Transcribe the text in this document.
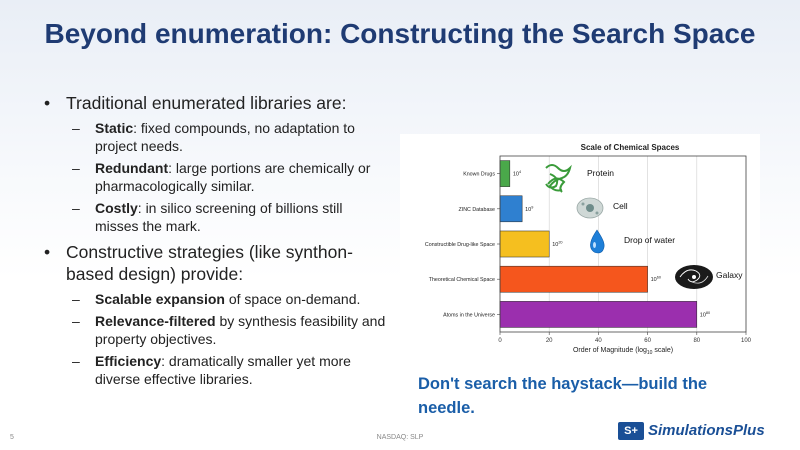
Beyond enumeration: Constructing the Search Space
• Traditional enumerated libraries are:
– Static: fixed compounds, no adaptation to project needs.
– Redundant: large portions are chemically or pharmacologically similar.
– Costly: in silico screening of billions still misses the mark.
• Constructive strategies (like synthon-based design) provide:
– Scalable expansion of space on-demand.
– Relevance-filtered by synthesis feasibility and property objectives.
– Efficiency: dramatically smaller yet more diverse effective libraries.
Scale of Chemical Spaces
Protein
Cell
Drop of water
Galaxy
0	20	40	60	80	100
Known Drugs	$10^4$
ZINC Database	$10^9$
Constructible Drug-like Space	$10^{20}$
Theoretical Chemical Space	$10^{60}$
Atoms in the Universe	$10^{80}$
Order of Magnitude ($\log_{10}$ scale)
Don't search the haystack—build the needle.
5	NASDAQ: SLP
S+ SimulationsPlus
